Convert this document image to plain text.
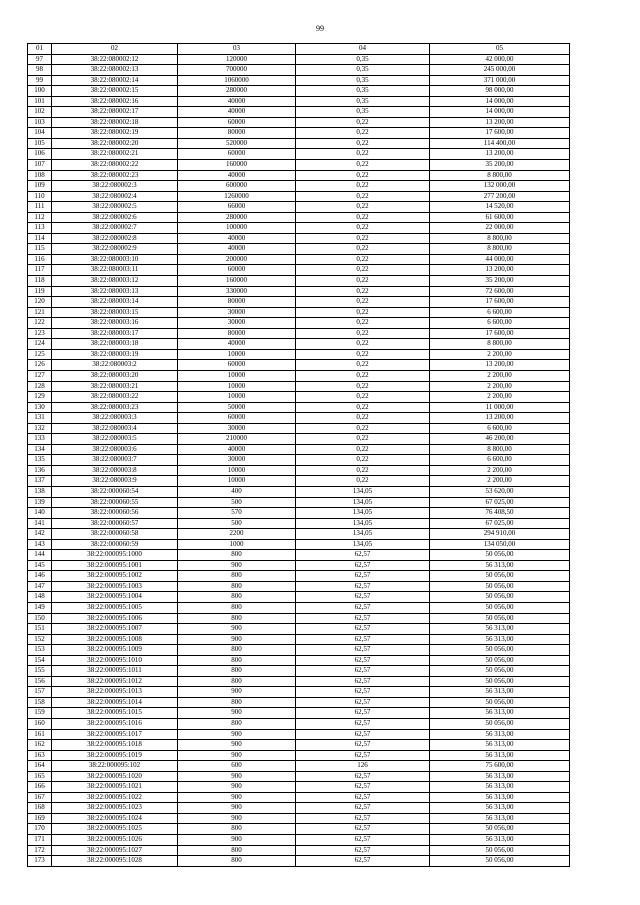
99
01	02	03	04	05
97	38:22:080002:12	120000	0,35	42 000,00
98	38:22:080002:13	700000	0,35	245 000,00
99	38:22:080002:14	1060000	0,35	371 000,00
100	38:22:080002:15	280000	0,35	98 000,00
101	38:22:080002:16	40000	0,35	14 000,00
102	38:22:080002:17	40000	0,35	14 000,00
103	38:22:080002:18	60000	0,22	13 200,00
104	38:22:080002:19	80000	0,22	17 600,00
105	38:22:080002:20	520000	0,22	114 400,00
106	38:22:080002:21	60000	0,22	13 200,00
107	38:22:080002:22	160000	0,22	35 200,00
108	38:22:080002:23	40000	0,22	8 800,00
109	38:22:080002:3	600000	0,22	132 000,00
110	38:22:080002:4	1260000	0,22	277 200,00
111	38:22:080002:5	66000	0,22	14 520,00
112	38:22:080002:6	280000	0,22	61 600,00
113	38:22:080002:7	100000	0,22	22 000,00
114	38:22:080002:8	40000	0,22	8 800,00
115	38:22:080002:9	40000	0,22	8 800,00
116	38:22:080003:10	200000	0,22	44 000,00
117	38:22:080003:11	60000	0,22	13 200,00
118	38:22:080003:12	160000	0,22	35 200,00
119	38:22:080003:13	330000	0,22	72 600,00
120	38:22:080003:14	80000	0,22	17 600,00
121	38:22:080003:15	30000	0,22	6 600,00
122	38:22:080003:16	30000	0,22	6 600,00
123	38:22:080003:17	80000	0,22	17 600,00
124	38:22:080003:18	40000	0,22	8 800,00
125	38:22:080003:19	10000	0,22	2 200,00
126	38:22:080003:2	60000	0,22	13 200,00
127	38:22:080003:20	10000	0,22	2 200,00
128	38:22:080003:21	10000	0,22	2 200,00
129	38:22:080003:22	10000	0,22	2 200,00
130	38:22:080003:23	50000	0,22	11 000,00
131	38:22:080003:3	60000	0,22	13 200,00
132	38:22:080003:4	30000	0,22	6 600,00
133	38:22:080003:5	210000	0,22	46 200,00
134	38:22:080003:6	40000	0,22	8 800,00
135	38:22:080003:7	30000	0,22	6 600,00
136	38:22:080003:8	10000	0,22	2 200,00
137	38:22:080003:9	10000	0,22	2 200,00
138	38:22:000060:54	400	134,05	53 620,00
139	38:22:000060:55	500	134,05	67 025,00
140	38:22:000060:56	570	134,05	76 408,50
141	38:22:000060:57	500	134,05	67 025,00
142	38:22:000060:58	2200	134,05	294 910,00
143	38:22:000060:59	1000	134,05	134 050,00
144	38:22:000095:1000	800	62,57	50 056,00
145	38:22:000095:1001	900	62,57	56 313,00
146	38:22:000095:1002	800	62,57	50 056,00
147	38:22:000095:1003	800	62,57	50 056,00
148	38:22:000095:1004	800	62,57	50 056,00
149	38:22:000095:1005	800	62,57	50 056,00
150	38:22:000095:1006	800	62,57	50 056,00
151	38:22:000095:1007	900	62,57	56 313,00
152	38:22:000095:1008	900	62,57	56 313,00
153	38:22:000095:1009	800	62,57	50 056,00
154	38:22:000095:1010	800	62,57	50 056,00
155	38:22:000095:1011	800	62,57	50 056,00
156	38:22:000095:1012	800	62,57	50 056,00
157	38:22:000095:1013	900	62,57	56 313,00
158	38:22:000095:1014	800	62,57	50 056,00
159	38:22:000095:1015	900	62,57	56 313,00
160	38:22:000095:1016	800	62,57	50 056,00
161	38:22:000095:1017	900	62,57	56 313,00
162	38:22:000095:1018	900	62,57	56 313,00
163	38:22:000095:1019	900	62,57	56 313,00
164	38:22:000095:102	600	126	75 600,00
165	38:22:000095:1020	900	62,57	56 313,00
166	38:22:000095:1021	900	62,57	56 313,00
167	38:22:000095:1022	900	62,57	56 313,00
168	38:22:000095:1023	900	62,57	56 313,00
169	38:22:000095:1024	900	62,57	56 313,00
170	38:22:000095:1025	800	62,57	50 056,00
171	38:22:000095:1026	900	62,57	56 313,00
172	38:22:000095:1027	800	62,57	50 056,00
173	38:22:000095:1028	800	62,57	50 056,00
